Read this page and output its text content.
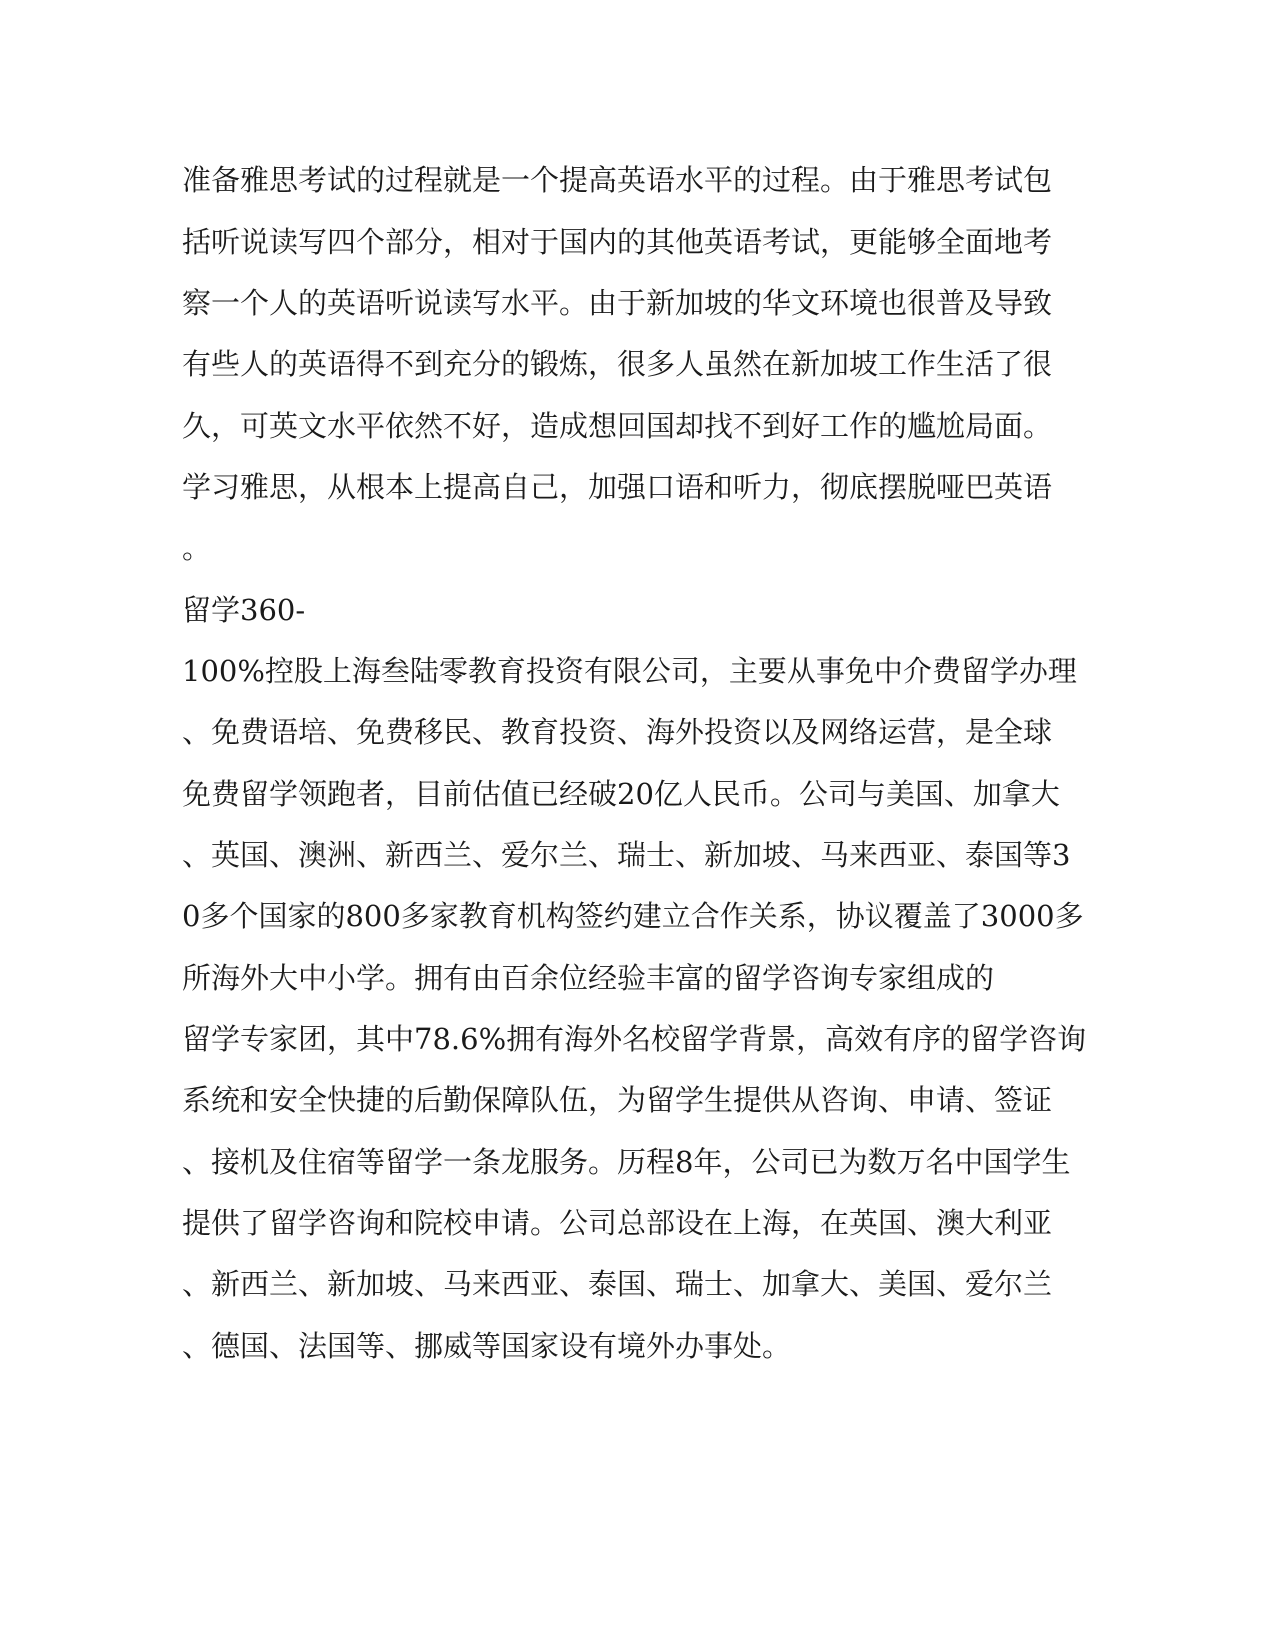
准备雅思考试的过程就是一个提高英语水平的过程。由于雅思考试包

括听说读写四个部分，相对于国内的其他英语考试，更能够全面地考

察一个人的英语听说读写水平。由于新加坡的华文环境也很普及导致

有些人的英语得不到充分的锻炼，很多人虽然在新加坡工作生活了很

久，可英文水平依然不好，造成想回国却找不到好工作的尴尬局面。

学习雅思，从根本上提高自己，加强口语和听力，彻底摆脱哑巴英语

。

留学360-

100%控股上海叁陆零教育投资有限公司，主要从事免中介费留学办理

、免费语培、免费移民、教育投资、海外投资以及网络运营，是全球

免费留学领跑者，目前估值已经破20亿人民币。公司与美国、加拿大

、英国、澳洲、新西兰、爱尔兰、瑞士、新加坡、马来西亚、泰国等3

0多个国家的800多家教育机构签约建立合作关系，协议覆盖了3000多

所海外大中小学。拥有由百余位经验丰富的留学咨询专家组成的

留学专家团，其中78.6%拥有海外名校留学背景，高效有序的留学咨询

系统和安全快捷的后勤保障队伍，为留学生提供从咨询、申请、签证

、接机及住宿等留学一条龙服务。历程8年，公司已为数万名中国学生

提供了留学咨询和院校申请。公司总部设在上海，在英国、澳大利亚

、新西兰、新加坡、马来西亚、泰国、瑞士、加拿大、美国、爱尔兰

、德国、法国等、挪威等国家设有境外办事处。
